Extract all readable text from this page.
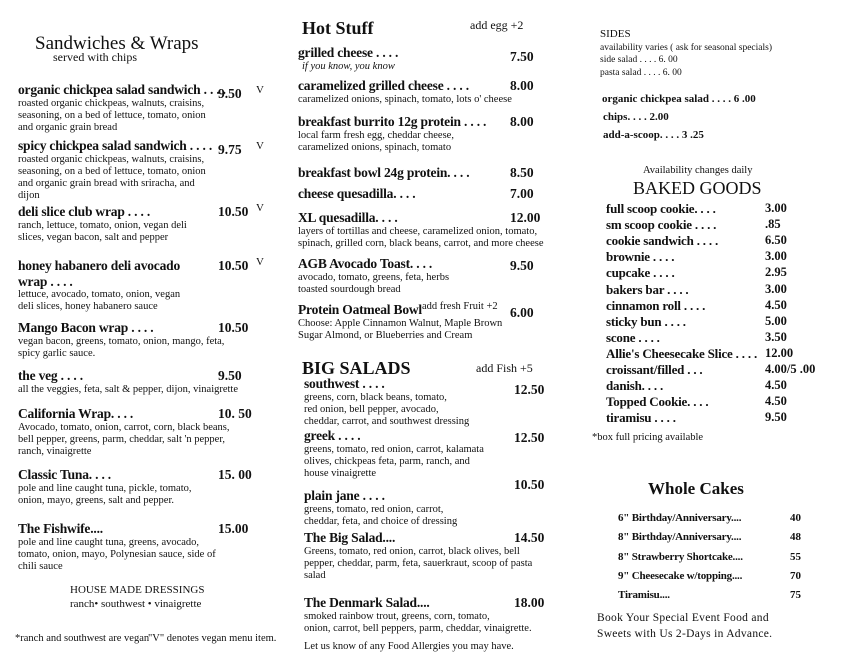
Sandwiches & Wraps
served with chips
HOUSE MADE DRESSINGS
ranch• southwest • vinaigrette
*ranch and southwest are vegan
"V" denotes vegan menu item.
Hot Stuff	add egg +2
BIG SALADS	add Fish +5
Let us know of any Food Allergies you may have.
SIDES
availability varies ( ask for seasonal specials)
side salad . . . . 6. 00
pasta salad . . . . 6. 00
organic chickpea salad . . . . 6 .00
chips. . . . 2.00
add-a-scoop. . . . 3 .25
Availability changes daily
BAKED GOODS
*box full pricing available
Whole Cakes
Book Your Special Event Food and
Sweets with Us 2-Days in Advance.
organic chickpea salad sandwich . . . .
9.50 V
roasted organic chickpeas, walnuts, craisins,
seasoning, on a bed of lettuce, tomato, onion
and organic grain bread
spicy chickpea salad sandwich . . . . 9.75 V
roasted organic chickpeas, walnuts, craisins,
seasoning, on a bed of lettuce, tomato, onion
and organic grain bread with sriracha, and
dijon
deli slice club wrap . . . .	10.50 V
ranch, lettuce, tomato, onion, vegan deli
slices, vegan bacon, salt and pepper
honey habanero deli avocado
wrap . . . .
10.50 V
lettuce, avocado, tomato, onion, vegan
deli slices, honey habanero sauce
Mango Bacon wrap . . . .	10.50
vegan bacon, greens, tomato, onion, mango, feta,
spicy garlic sauce.
the veg . . . .	9.50
all the veggies, feta, salt & pepper, dijon, vinaigrette
California Wrap. . . .	10. 50
Avocado, tomato, onion, carrot, corn, black beans,
bell pepper, greens, parm, cheddar, salt 'n pepper,
ranch, vinaigrette
Classic Tuna. . . .	15. 00
pole and line caught tuna, pickle, tomato,
onion, mayo, greens, salt and pepper.
The Fishwife....	15.00
pole and line caught tuna, greens, avocado,
tomato, onion, mayo, Polynesian sauce, side of
chili sauce
grilled cheese . . . .	7.50
if you know, you know
caramelized grilled cheese . . . .	8.00
caramelized onions, spinach, tomato, lots o' cheese
breakfast burrito 12g protein . . . . 8.00
local farm fresh egg, cheddar cheese,
caramelized onions, spinach, tomato
breakfast bowl 24g protein. . . .	8.50
cheese quesadilla. . . .	7.00
XL quesadilla. . . .	12.00
layers of tortillas and cheese, caramelized onion, tomato,
spinach, grilled corn, black beans, carrot, and more cheese
AGB Avocado Toast. . . .	9.50
avocado, tomato, greens, feta, herbs
toasted sourdough bread
Protein Oatmeal Bowl	6.00
add fresh Fruit +2
Choose: Apple Cinnamon Walnut, Maple Brown
Sugar Almond, or Blueberries and Cream
southwest . . . .	12.50
greens, corn, black beans, tomato,
red onion, bell pepper, avocado,
cheddar, carrot, and southwest dressing
greek . . . .	12.50
greens, tomato, red onion, carrot, kalamata
olives, chickpeas feta, parm, ranch, and
house vinaigrette
plain jane . . . .
10.50
greens, tomato, red onion, carrot,
cheddar, feta, and choice of dressing
The Big Salad....	14.50
Greens, tomato, red onion, carrot, black olives, bell
pepper, cheddar, parm, feta, sauerkraut, scoop of pasta
salad
The Denmark Salad....	18.00
smoked rainbow trout, greens, corn, tomato,
onion, carrot, bell peppers, parm, cheddar, vinaigrette.
full scoop cookie. . . .	3.00
sm scoop cookie . . . .	.85
cookie sandwich . . . .	6.50
brownie . . . .	3.00
cupcake . . . .	2.95
bakers bar . . . .	3.00
cinnamon roll . . . .	4.50
sticky bun . . . .	5.00
scone . . . .	3.50
Allie's Cheesecake Slice . . . . 12.00
croissant/filled . . .	4.00/5 .00
danish. . . .	4.50
Topped Cookie. . . .	4.50
tiramisu . . . .	9.50
6" Birthday/Anniversary....	40
8" Birthday/Anniversary....	48
8" Strawberry Shortcake....	55
9" Cheesecake w/topping....	70
Tiramisu....	75
